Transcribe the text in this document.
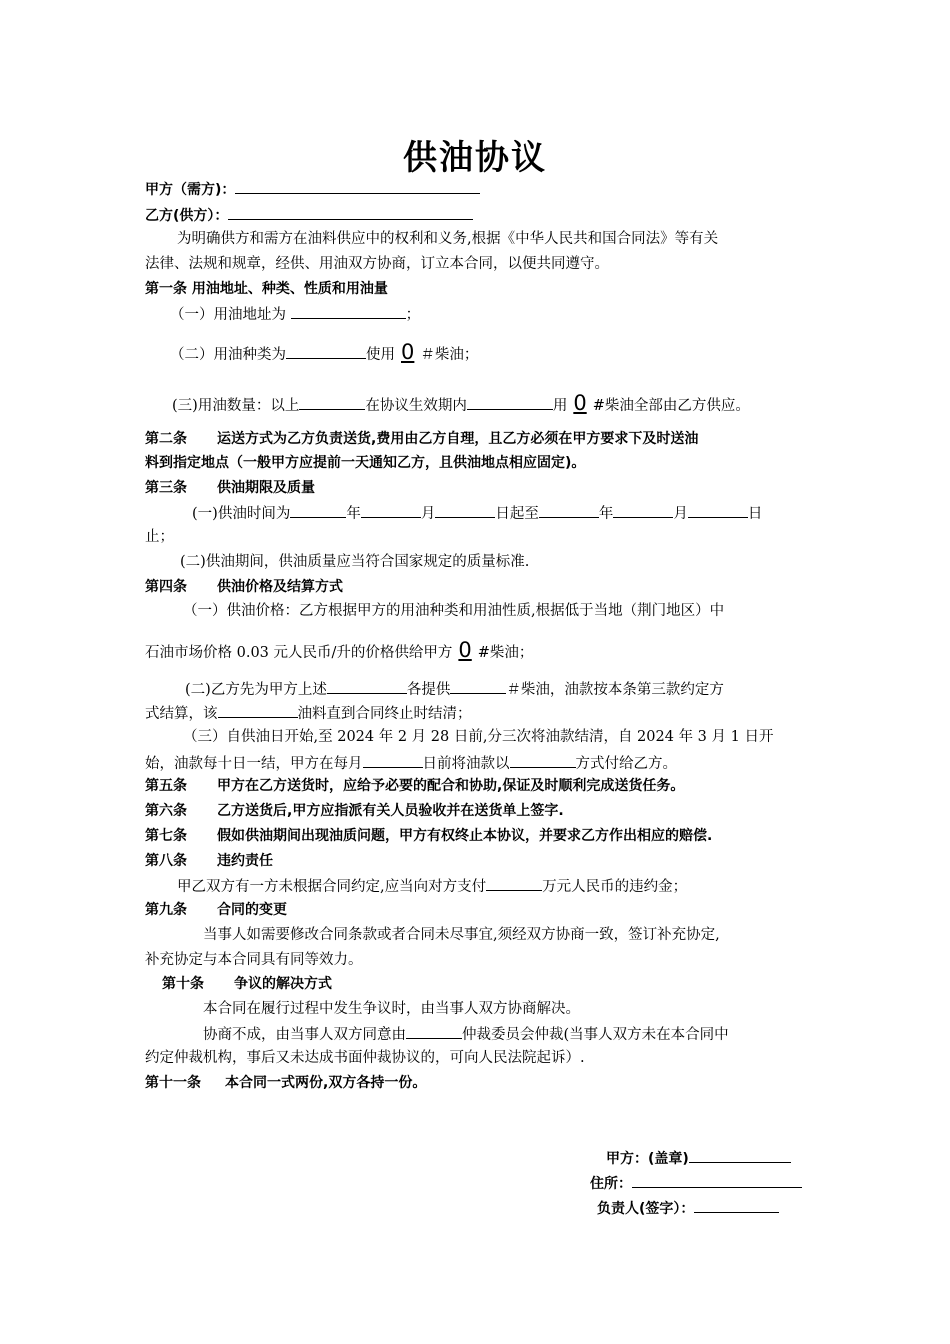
供油协议
甲方（需方)：
乙方(供方）：
为明确供方和需方在油料供应中的权利和义务,根据《中华人民共和国合同法》等有关
法律、法规和规章，经供、用油双方协商，订立本合同，以便共同遵守。
第一条 用油地址、种类、性质和用油量
（一）用油地址为	；
（二）用油种类为	使用 0 ＃柴油；
(三)用油数量：以上	在协议生效期内	用 0 #柴油全部由乙方供应。
第二条 运送方式为乙方负责送货,费用由乙方自理，且乙方必须在甲方要求下及时送油
料到指定地点（一般甲方应提前一天通知乙方，且供油地点相应固定)。
第三条 供油期限及质量
(一)供油时间为	年	月	日起至	年	月	日
止；
(二)供油期间，供油质量应当符合国家规定的质量标准.
第四条 供油价格及结算方式
（一）供油价格：乙方根据甲方的用油种类和用油性质,根据低于当地（荆门地区）中
石油市场价格 0.03 元人民币/升的价格供给甲方 0 #柴油；
(二)乙方先为甲方上述	各提供	＃柴油，油款按本条第三款约定方
式结算，该	油料直到合同终止时结清；
（三）自供油日开始,至 2024 年 2 月 28 日前,分三次将油款结清，自 2024 年 3 月 1 日开
始，油款每十日一结，甲方在每月	日前将油款以	方式付给乙方。
第五条 甲方在乙方送货时，应给予必要的配合和协助,保证及时顺利完成送货任务。
第六条 乙方送货后,甲方应指派有关人员验收并在送货单上签字.
第七条 假如供油期间出现油质问题，甲方有权终止本协议，并要求乙方作出相应的赔偿.
第八条 违约责任
甲乙双方有一方未根据合同约定,应当向对方支付	万元人民币的违约金；
第九条 合同的变更
当事人如需要修改合同条款或者合同未尽事宜,须经双方协商一致，签订补充协定,
补充协定与本合同具有同等效力。
第十条 争议的解决方式
本合同在履行过程中发生争议时，由当事人双方协商解决。
协商不成，由当事人双方同意由	仲裁委员会仲裁(当事人双方未在本合同中
约定仲裁机构，事后又未达成书面仲裁协议的，可向人民法院起诉）.
第十一条 本合同一式两份,双方各持一份。
甲方：(盖章)
住所：
负责人(签字）：
